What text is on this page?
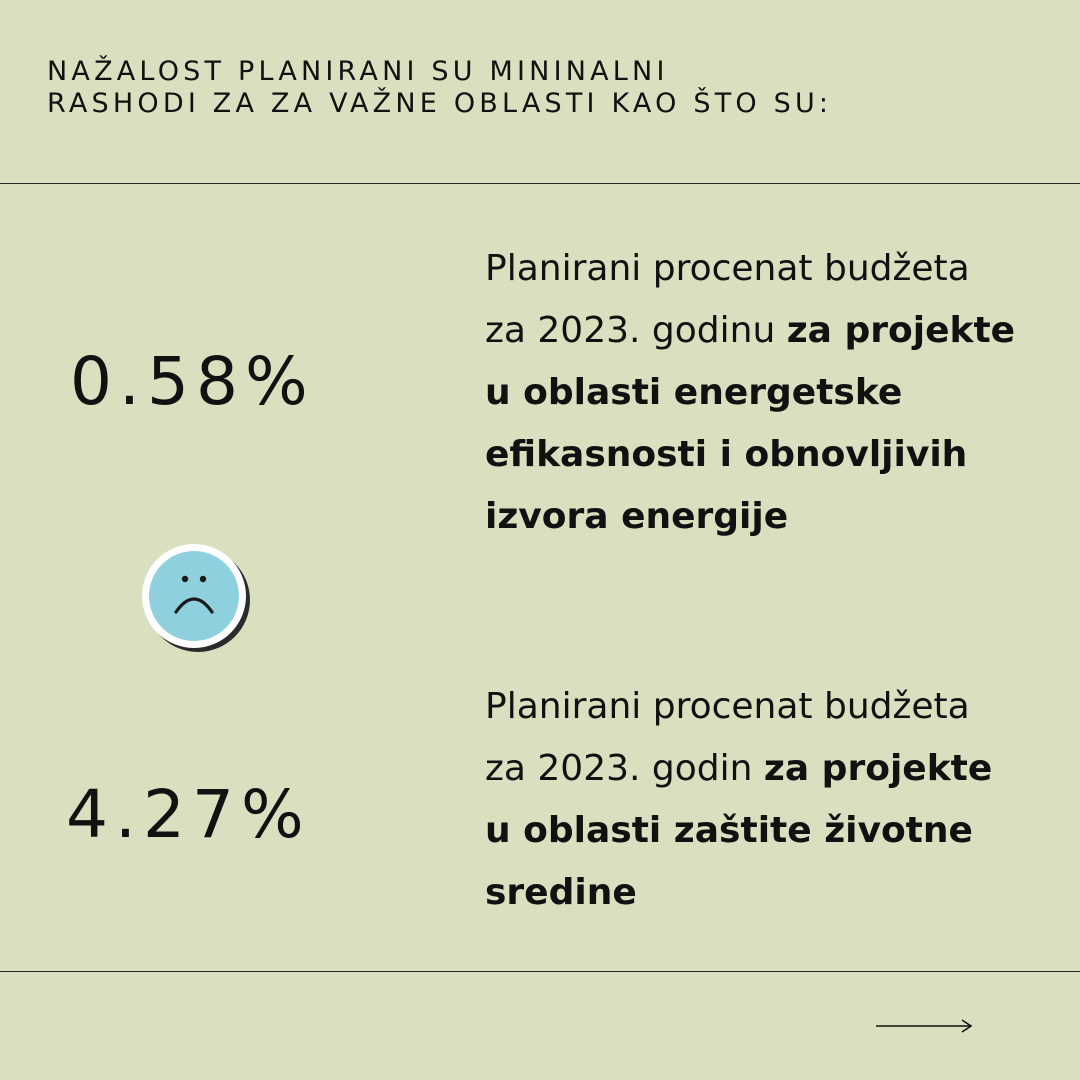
NAŽALOST PLANIRANI SU MININALNI
RASHODI ZA ZA VAŽNE OBLASTI KAO ŠTO SU:
0.58%
Planirani procenat budžeta
za 2023. godinu za projekte
u oblasti energetske
efikasnosti i obnovljivih
izvora energije
4.27%
Planirani procenat budžeta
za 2023. godin za projekte
u oblasti zaštite životne
sredine
